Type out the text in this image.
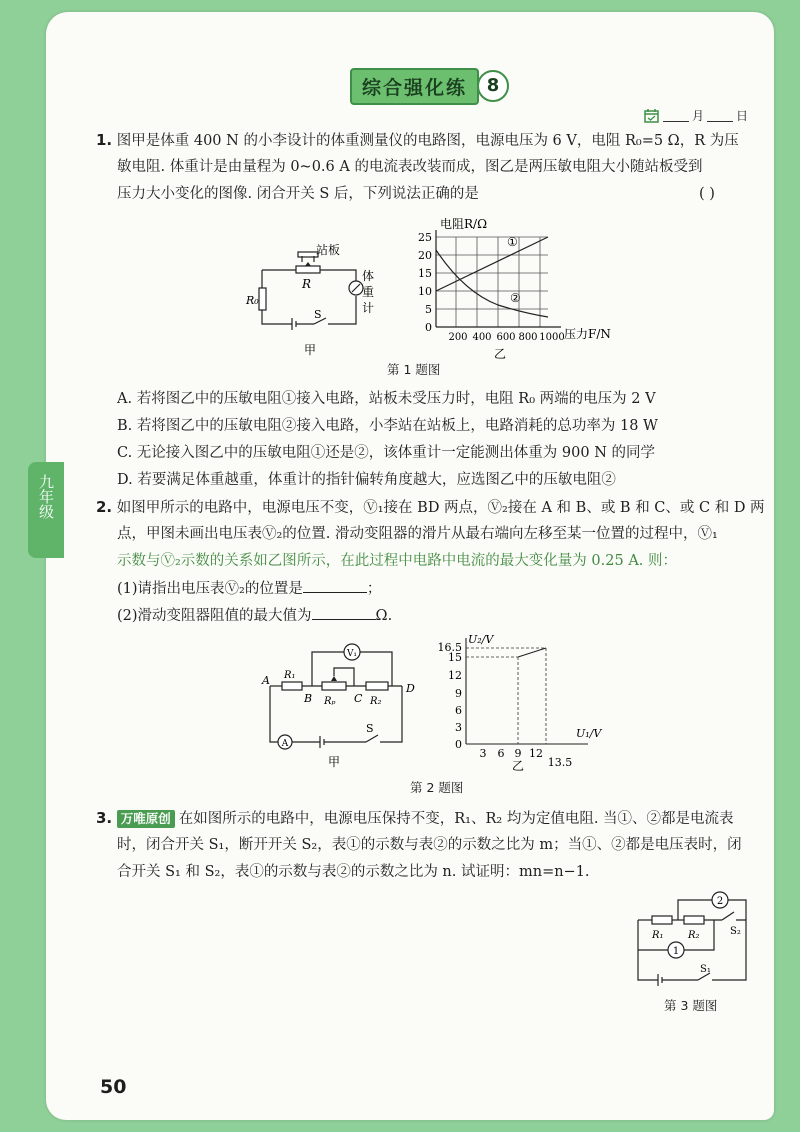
九年级
综合强化练	8
月	日
1. 图甲是体重 400 N 的小李设计的体重测量仪的电路图，电源电压为 6 V，电阻 R₀=5 Ω，R 为压
敏电阻. 体重计是由量程为 0~0.6 A 的电流表改装而成，图乙是两压敏电阻大小随站板受到
压力大小变化的图像. 闭合开关 S 后，下列说法正确的是	( )
站板
R
R₀
S
体
重
计
甲
电阻R/Ω
①
②
25
20
15
10
5
0
200 400 600 800 1000 压力F/N
乙
第 1 题图
A. 若将图乙中的压敏电阻①接入电路，站板未受压力时，电阻 R₀ 两端的电压为 2 V
B. 若将图乙中的压敏电阻②接入电路，小李站在站板上，电路消耗的总功率为 18 W
C. 无论接入图乙中的压敏电阻①还是②，该体重计一定能测出体重为 900 N 的同学
D. 若要满足体重越重，体重计的指针偏转角度越大，应选图乙中的压敏电阻②
2. 如图甲所示的电路中，电源电压不变，Ⓥ₁接在 BD 两点，Ⓥ₂接在 A 和 B、或 B 和 C、或 C 和 D 两
点，甲图未画出电压表Ⓥ₂的位置. 滑动变阻器的滑片从最右端向左移至某一位置的过程中，Ⓥ₁
示数与Ⓥ₂示数的关系如乙图所示，在此过程中电路中电流的最大变化量为 0.25 A. 则：
(1)请指出电压表Ⓥ₂的位置是	；
(2)滑动变阻器阻值的最大值为	Ω.
V₁
A
A R₁
B Rₚ C R₂
D
S
甲
U₂/V
16.5
15
12
9
6
3
0
3 6 9 12
13.5
U₁/V
乙
第 2 题图
3. 万唯原创 在如图所示的电路中，电源电压保持不变，R₁、R₂ 均为定值电阻. 当①、②都是电流表
时，闭合开关 S₁，断开开关 S₂，表①的示数与表②的示数之比为 m；当①、②都是电压表时，闭
合开关 S₁ 和 S₂，表①的示数与表②的示数之比为 n. 试证明：mn=n−1.
2
1
R₁ R₂	S₂
S₁
第 3 题图
50
